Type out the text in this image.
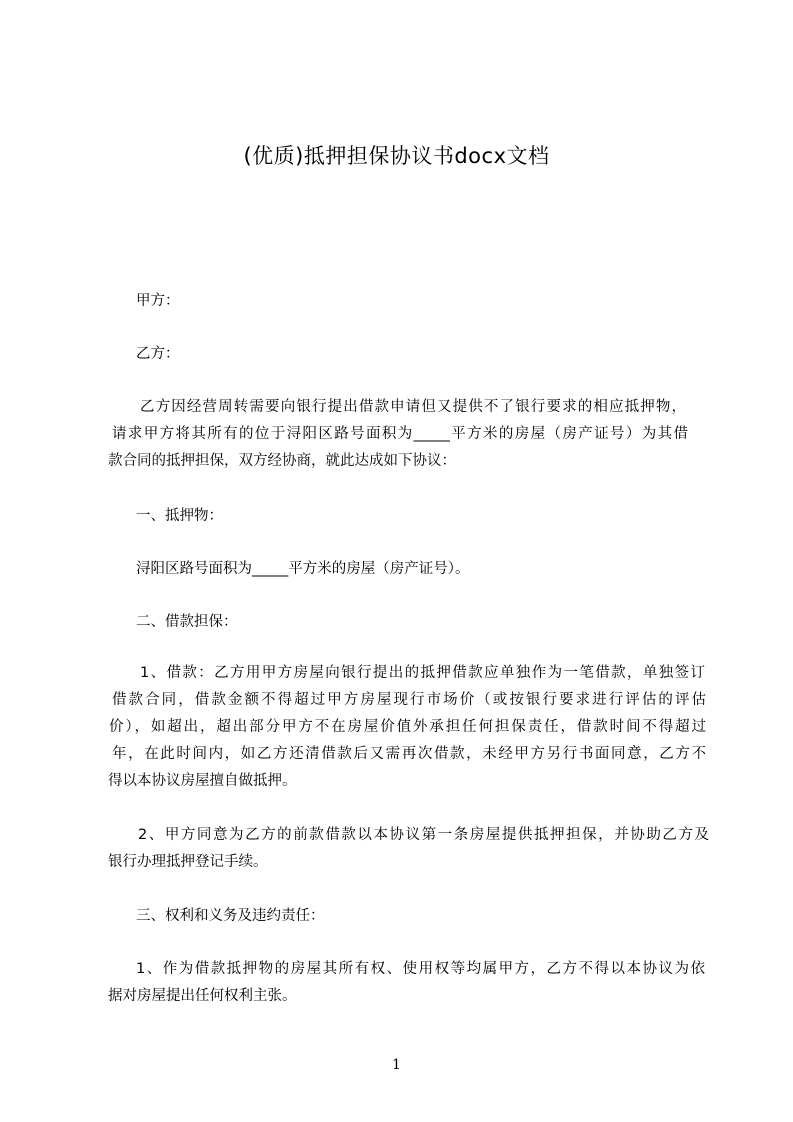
(优质)抵押担保协议书docx文档
甲方：
乙方：
乙方因经营周转需要向银行提出借款申请但又提供不了银行要求的相应抵押物，
请求甲方将其所有的位于浔阳区路号面积为_____平方米的房屋（房产证号）为其借
款合同的抵押担保，双方经协商，就此达成如下协议：
一、抵押物：
浔阳区路号面积为_____平方米的房屋（房产证号）。
二、借款担保：
1、借款：乙方用甲方房屋向银行提出的抵押借款应单独作为一笔借款，单独签订
借款合同，借款金额不得超过甲方房屋现行市场价（或按银行要求进行评估的评估
价），如超出，超出部分甲方不在房屋价值外承担任何担保责任，借款时间不得超过
年，在此时间内，如乙方还清借款后又需再次借款，未经甲方另行书面同意，乙方不
得以本协议房屋擅自做抵押。
2、甲方同意为乙方的前款借款以本协议第一条房屋提供抵押担保，并协助乙方及
银行办理抵押登记手续。
三、权利和义务及违约责任：
1、作为借款抵押物的房屋其所有权、使用权等均属甲方，乙方不得以本协议为依
据对房屋提出任何权利主张。
1
